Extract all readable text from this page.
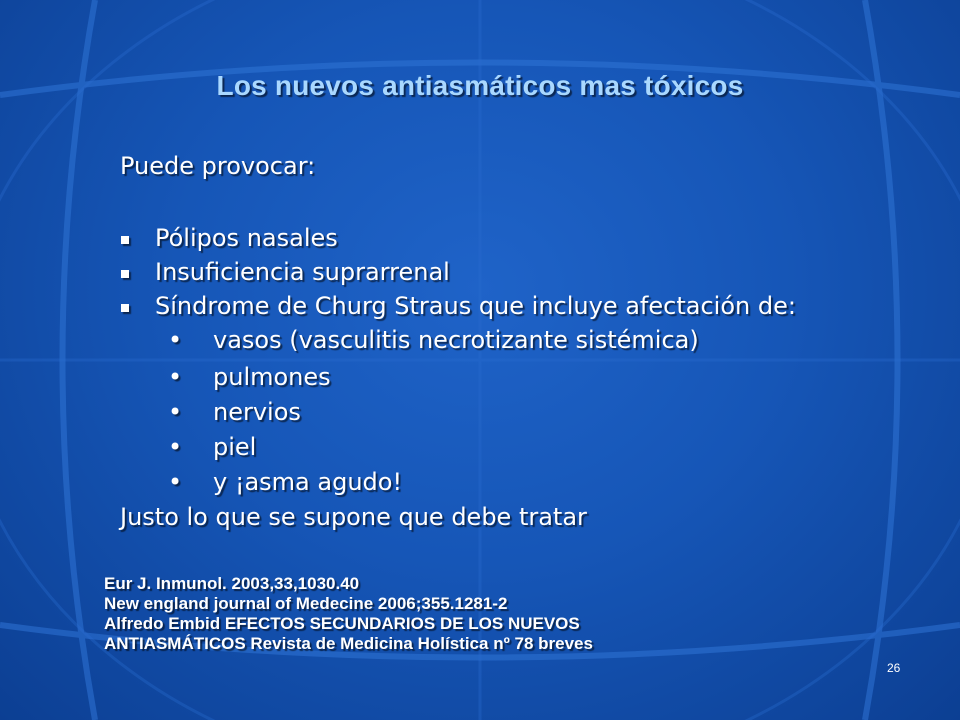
Los nuevos antiasmáticos mas tóxicos
Puede provocar:
Pólipos nasales
Insuficiencia suprarrenal
Síndrome de Churg Straus que incluye afectación de:
• vasos (vasculitis necrotizante sistémica)
• pulmones
• nervios
• piel
• y ¡asma agudo!
Justo lo que se supone que debe tratar
Eur J. Inmunol. 2003,33,1030.40
New england journal of Medecine 2006;355.1281-2
Alfredo Embid EFECTOS SECUNDARIOS DE LOS NUEVOS
ANTIASMÁTICOS Revista de Medicina Holística nº 78 breves
26
